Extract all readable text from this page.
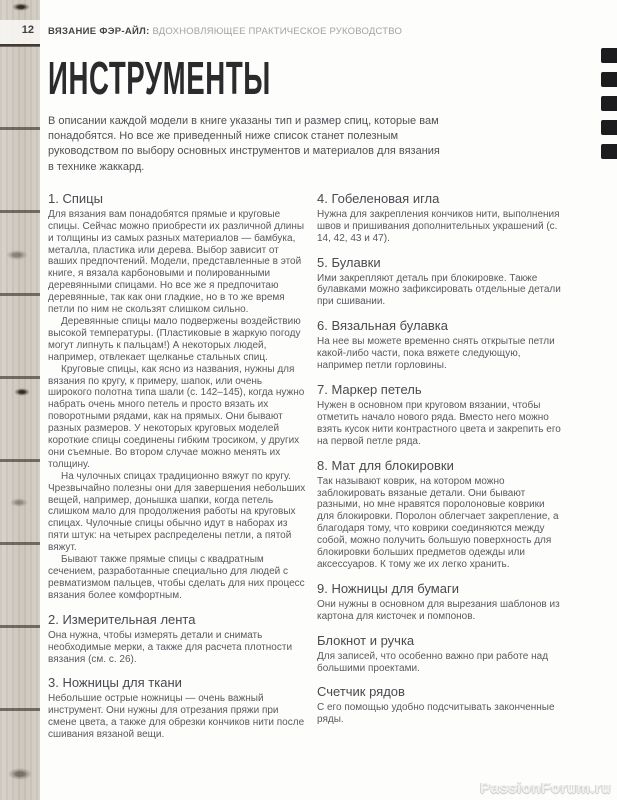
12 ВЯЗАНИЕ ФЭР-АЙЛ: ВДОХНОВЛЯЮЩЕЕ ПРАКТИЧЕСКОЕ РУКОВОДСТВО
ИНСТРУМЕНТЫ
В описании каждой модели в книге указаны тип и размер спиц, которые вам понадобятся. Но все же приведенный ниже список станет полезным руководством по выбору основных инструментов и материалов для вязания в технике жаккард.
1. Спицы

Для вязания вам понадобятся прямые и круговые спицы. Сейчас можно приобрести их различной длины и толщины из самых разных материалов — бамбука, металла, пластика или дерева. Выбор зависит от ваших предпочтений. Модели, представленные в этой книге, я вязала карбоновыми и полированными деревянными спицами. Но все же я предпочитаю деревянные, так как они гладкие, но в то же время петли по ним не скользят слишком сильно.

Деревянные спицы мало подвержены воздействию высокой температуры. (Пластиковые в жаркую погоду могут липнуть к пальцам!) А некоторых людей, например, отвлекает щелканье стальных спиц.

Круговые спицы, как ясно из названия, нужны для вязания по кругу, к примеру, шапок, или очень широкого полотна типа шали (с. 142–145), когда нужно набрать очень много петель и просто вязать их поворотными рядами, как на прямых. Они бывают разных размеров. У некоторых круговых моделей короткие спицы соединены гибким тросиком, у других они съемные. Во втором случае можно менять их толщину.

На чулочных спицах традиционно вяжут по кругу. Чрезвычайно полезны они для завершения небольших вещей, например, донышка шапки, когда петель слишком мало для продолжения работы на круговых спицах. Чулочные спицы обычно идут в наборах из пяти штук: на четырех распределены петли, а пятой вяжут.

Бывают также прямые спицы с квадратным сечением, разработанные специально для людей с ревматизмом пальцев, чтобы сделать для них процесс вязания более комфортным.

2. Измерительная лента

Она нужна, чтобы измерять детали и снимать необходимые мерки, а также для расчета плотности вязания (см. с. 26).

3. Ножницы для ткани

Небольшие острые ножницы — очень важный инструмент. Они нужны для отрезания пряжи при смене цвета, а также для обрезки кончиков нити после сшивания вязаной вещи.

4. Гобеленовая игла

Нужна для закрепления кончиков нити, выполнения швов и пришивания дополнительных украшений (с. 14, 42, 43 и 47).

5. Булавки

Ими закрепляют деталь при блокировке. Также булавками можно зафиксировать отдельные детали при сшивании.

6. Вязальная булавка

На нее вы можете временно снять открытые петли какой-либо части, пока вяжете следующую, например петли горловины.

7. Маркер петель

Нужен в основном при круговом вязании, чтобы отметить начало нового ряда. Вместо него можно взять кусок нити контрастного цвета и закрепить его на первой петле ряда.

8. Мат для блокировки

Так называют коврик, на котором можно заблокировать вязаные детали. Они бывают разными, но мне нравятся поролоновые коврики для блокировки. Поролон облегчает закрепление, а благодаря тому, что коврики соединяются между собой, можно получить большую поверхность для блокировки больших предметов одежды или аксессуаров. К тому же их легко хранить.

9. Ножницы для бумаги

Они нужны в основном для вырезания шаблонов из картона для кисточек и помпонов.

Блокнот и ручка

Для записей, что особенно важно при работе над большими проектами.

Счетчик рядов

С его помощью удобно подсчитывать законченные ряды.

PassionForum.ru
